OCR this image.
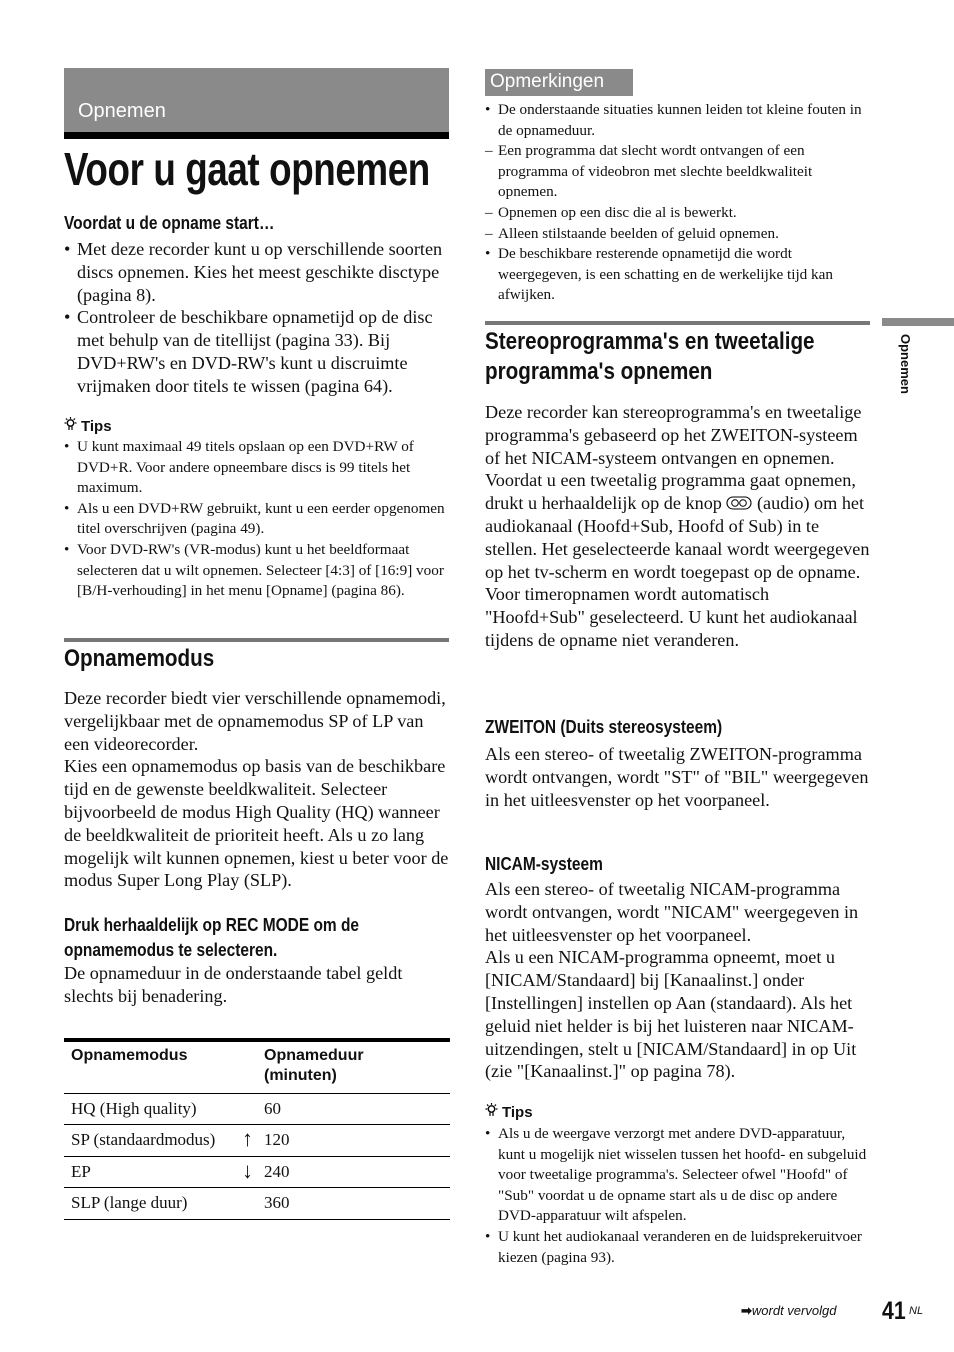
Opnemen
Voor u gaat opnemen
Voordat u de opname start…
• Met deze recorder kunt u op verschillende soorten discs opnemen. Kies het meest geschikte disctype (pagina 8).
• Controleer de beschikbare opnametijd op de disc met behulp van de titellijst (pagina 33). Bij DVD+RW's en DVD-RW's kunt u discruimte vrijmaken door titels te wissen (pagina 64).
Tips
• U kunt maximaal 49 titels opslaan op een DVD+RW of DVD+R. Voor andere opneembare discs is 99 titels het maximum.
• Als u een DVD+RW gebruikt, kunt u een eerder opgenomen titel overschrijven (pagina 49).
• Voor DVD-RW's (VR-modus) kunt u het beeldformaat selecteren dat u wilt opnemen. Selecteer [4:3] of [16:9] voor [B/H-verhouding] in het menu [Opname] (pagina 86).
Opnamemodus
Deze recorder biedt vier verschillende opnamemodi, vergelijkbaar met de opnamemodus SP of LP van een videorecorder.
Kies een opnamemodus op basis van de beschikbare tijd en de gewenste beeldkwaliteit. Selecteer bijvoorbeeld de modus High Quality (HQ) wanneer de beeldkwaliteit de prioriteit heeft. Als u zo lang mogelijk wilt kunnen opnemen, kiest u beter voor de modus Super Long Play (SLP).
Druk herhaaldelijk op REC MODE om de
opnamemodus te selecteren.
De opnameduur in de onderstaande tabel geldt slechts bij benadering.
Opnamemodus	Opnameduur
(minuten)

HQ (High quality)	60
SP (standaardmodus) ↑	120
EP ↓	240
SLP (lange duur)	360
Opmerkingen
• De onderstaande situaties kunnen leiden tot kleine fouten in de opnameduur.
– Een programma dat slecht wordt ontvangen of een programma of videobron met slechte beeldkwaliteit opnemen.
– Opnemen op een disc die al is bewerkt.
– Alleen stilstaande beelden of geluid opnemen.
• De beschikbare resterende opnametijd die wordt weergegeven, is een schatting en de werkelijke tijd kan afwijken.
Stereoprogramma's en tweetalige
programma's opnemen
Deze recorder kan stereoprogramma's en tweetalige programma's gebaseerd op het ZWEITON-systeem of het NICAM-systeem ontvangen en opnemen.
Voordat u een tweetalig programma gaat opnemen, drukt u herhaaldelijk op de knop (audio) om het audiokanaal (Hoofd+Sub, Hoofd of Sub) in te stellen. Het geselecteerde kanaal wordt weergegeven op het tv-scherm en wordt toegepast op de opname. Voor timeropnamen wordt automatisch "Hoofd+Sub" geselecteerd. U kunt het audiokanaal tijdens de opname niet veranderen.
ZWEITON (Duits stereosysteem)
Als een stereo- of tweetalig ZWEITON-programma wordt ontvangen, wordt "ST" of "BIL" weergegeven in het uitleesvenster op het voorpaneel.
NICAM-systeem
Als een stereo- of tweetalig NICAM-programma wordt ontvangen, wordt "NICAM" weergegeven in het uitleesvenster op het voorpaneel.
Als u een NICAM-programma opneemt, moet u [NICAM/Standaard] bij [Kanaalinst.] onder [Instellingen] instellen op Aan (standaard). Als het geluid niet helder is bij het luisteren naar NICAM-uitzendingen, stelt u [NICAM/Standaard] in op Uit (zie "[Kanaalinst.]" op pagina 78).
Tips
• Als u de weergave verzorgt met andere DVD-apparatuur, kunt u mogelijk niet wisselen tussen het hoofd- en subgeluid voor tweetalige programma's. Selecteer ofwel "Hoofd" of "Sub" voordat u de opname start als u de disc op andere DVD-apparatuur wilt afspelen.
• U kunt het audiokanaal veranderen en de luidsprekeruitvoer kiezen (pagina 93).
Opnemen
➡wordt vervolgd 41 NL
